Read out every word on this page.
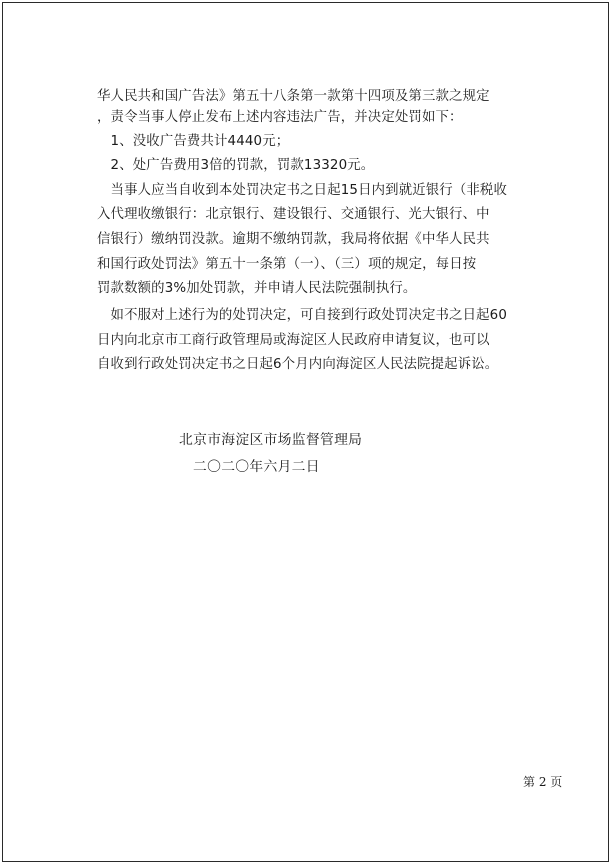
华人民共和国广告法》第五十八条第一款第十四项及第三款之规定
，责令当事人停止发布上述内容违法广告，并决定处罚如下：
　1、没收广告费共计4440元；
　2、处广告费用3倍的罚款，罚款13320元。
　当事人应当自收到本处罚决定书之日起15日内到就近银行（非税收
入代理收缴银行：北京银行、建设银行、交通银行、光大银行、中
信银行）缴纳罚没款。逾期不缴纳罚款，我局将依据《中华人民共
和国行政处罚法》第五十一条第（一）、（三）项的规定，每日按
罚款数额的3%加处罚款，并申请人民法院强制执行。
　如不服对上述行为的处罚决定，可自接到行政处罚决定书之日起60
日内向北京市工商行政管理局或海淀区人民政府申请复议，也可以
自收到行政处罚决定书之日起6个月内向海淀区人民法院提起诉讼。
北京市海淀区市场监督管理局
二〇二〇年六月二日
第 2 页
